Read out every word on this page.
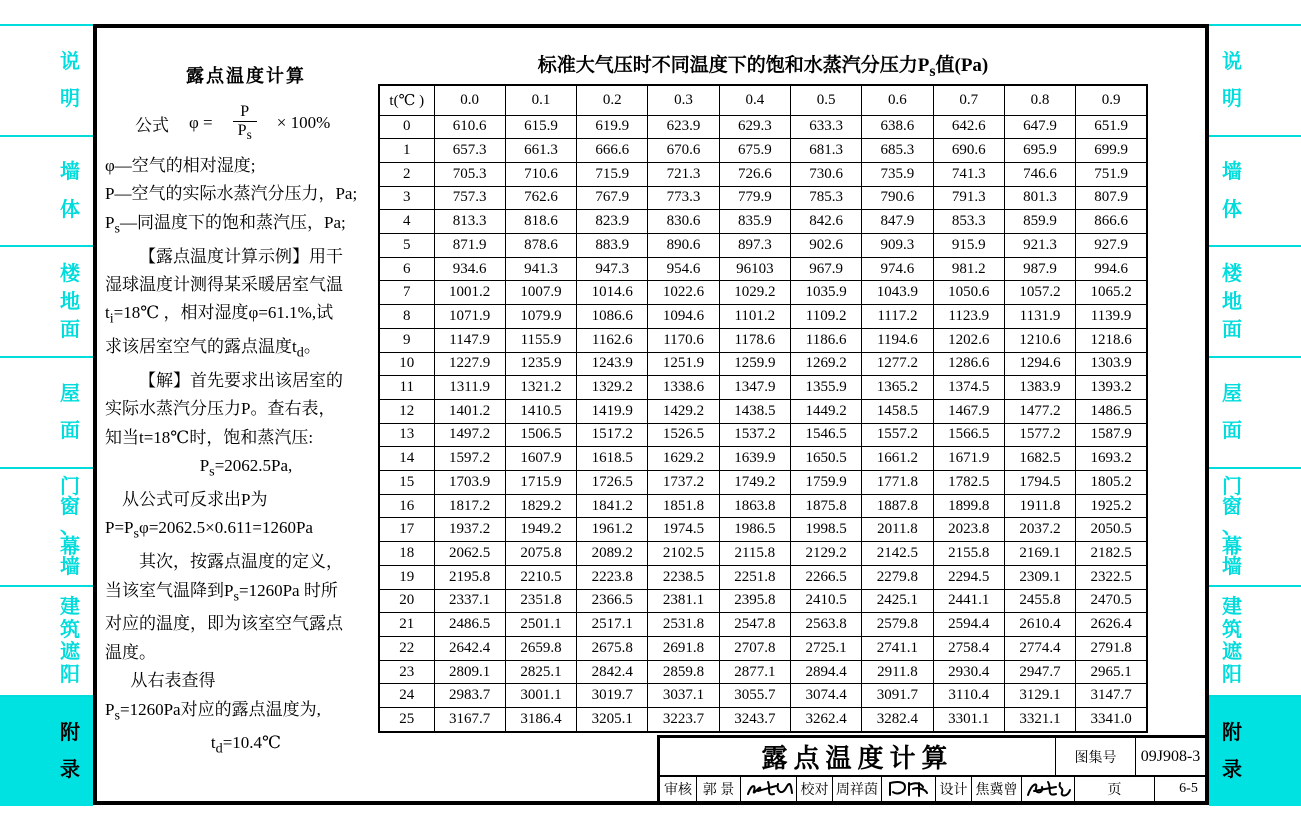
说
明
墙
体
楼
地
面
屋
面
门
窗
、
幕
墙
建
筑
遮
阳
附
录
说
明
墙
体
楼
地
面
屋
面
门
窗
、
幕
墙
建
筑
遮
阳
附
录
露点温度计算
公式 $\varphi = \frac{P}{P_s} \times 100\%$
φ—空气的相对湿度;
P—空气的实际水蒸汽分压力，Pa;
$P_s—$同温度下的饱和蒸汽压，Pa;
【露点温度计算示例】用干
湿球温度计测得某采暖居室气温
$t_i=18℃$ ，相对湿度φ=61.1%,试
求该居室空气的露点温度$t_d$。
【解】首先要求出该居室的
实际水蒸汽分压力P。查右表，
知当t=18℃时，饱和蒸汽压:
$P_s=2062.5Pa$,
从公式可反求出P为
$P=P_s\varphi=2062.5\times 0.611=1260Pa$
其次，按露点温度的定义，
当该室气温降到$P_s=1260Pa$ 时所
对应的温度，即为该室空气露点
温度。
从右表查得
$P_s=1260Pa$对应的露点温度为,
$t_d=10.4℃$
标准大气压时不同温度下的饱和水蒸汽分压力$P_s$值(Pa)
t(℃ )	0.0	0.1	0.2	0.3	0.4	0.5	0.6	0.7	0.8	0.9
0	610.6	615.9	619.9	623.9	629.3	633.3	638.6	642.6	647.9	651.9
1	657.3	661.3	666.6	670.6	675.9	681.3	685.3	690.6	695.9	699.9
2	705.3	710.6	715.9	721.3	726.6	730.6	735.9	741.3	746.6	751.9
3	757.3	762.6	767.9	773.3	779.9	785.3	790.6	791.3	801.3	807.9
4	813.3	818.6	823.9	830.6	835.9	842.6	847.9	853.3	859.9	866.6
5	871.9	878.6	883.9	890.6	897.3	902.6	909.3	915.9	921.3	927.9
6	934.6	941.3	947.3	954.6	96103	967.9	974.6	981.2	987.9	994.6
7	1001.2	1007.9	1014.6	1022.6	1029.2	1035.9	1043.9	1050.6	1057.2	1065.2
8	1071.9	1079.9	1086.6	1094.6	1101.2	1109.2	1117.2	1123.9	1131.9	1139.9
9	1147.9	1155.9	1162.6	1170.6	1178.6	1186.6	1194.6	1202.6	1210.6	1218.6
10	1227.9	1235.9	1243.9	1251.9	1259.9	1269.2	1277.2	1286.6	1294.6	1303.9
11	1311.9	1321.2	1329.2	1338.6	1347.9	1355.9	1365.2	1374.5	1383.9	1393.2
12	1401.2	1410.5	1419.9	1429.2	1438.5	1449.2	1458.5	1467.9	1477.2	1486.5
13	1497.2	1506.5	1517.2	1526.5	1537.2	1546.5	1557.2	1566.5	1577.2	1587.9
14	1597.2	1607.9	1618.5	1629.2	1639.9	1650.5	1661.2	1671.9	1682.5	1693.2
15	1703.9	1715.9	1726.5	1737.2	1749.2	1759.9	1771.8	1782.5	1794.5	1805.2
16	1817.2	1829.2	1841.2	1851.8	1863.8	1875.8	1887.8	1899.8	1911.8	1925.2
17	1937.2	1949.2	1961.2	1974.5	1986.5	1998.5	2011.8	2023.8	2037.2	2050.5
18	2062.5	2075.8	2089.2	2102.5	2115.8	2129.2	2142.5	2155.8	2169.1	2182.5
19	2195.8	2210.5	2223.8	2238.5	2251.8	2266.5	2279.8	2294.5	2309.1	2322.5
20	2337.1	2351.8	2366.5	2381.1	2395.8	2410.5	2425.1	2441.1	2455.8	2470.5
21	2486.5	2501.1	2517.1	2531.8	2547.8	2563.8	2579.8	2594.4	2610.4	2626.4
22	2642.4	2659.8	2675.8	2691.8	2707.8	2725.1	2741.1	2758.4	2774.4	2791.8
23	2809.1	2825.1	2842.4	2859.8	2877.1	2894.4	2911.8	2930.4	2947.7	2965.1
24	2983.7	3001.1	3019.7	3037.1	3055.7	3074.4	3091.7	3110.4	3129.1	3147.7
25	3167.7	3186.4	3205.1	3223.7	3243.7	3262.4	3282.4	3301.1	3321.1	3341.0
露点温度计算	图集号	09J908-3
审核 郭 景	校对 周祥茵	设计 焦冀曾	页	6-5
